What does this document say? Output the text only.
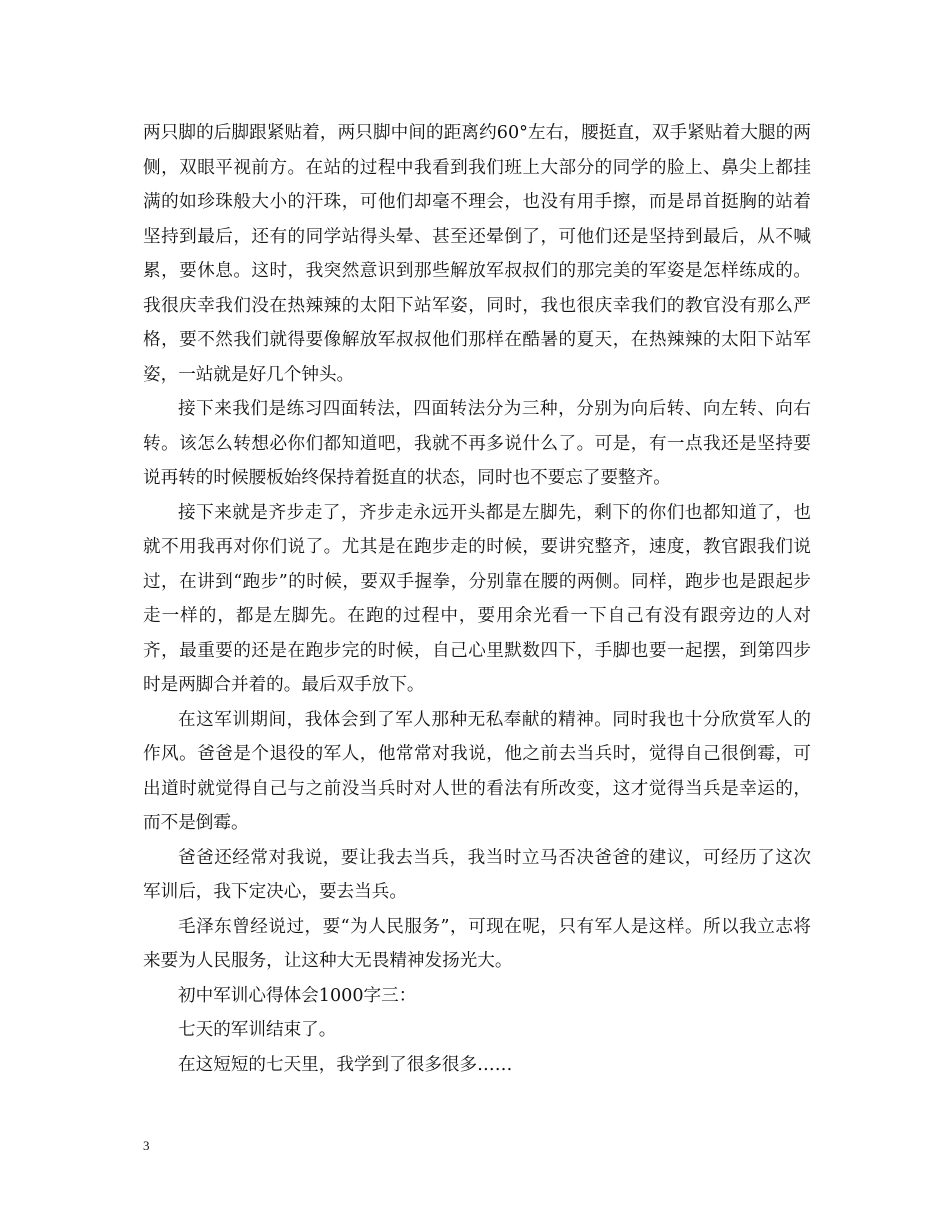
两只脚的后脚跟紧贴着，两只脚中间的距离约60°左右，腰挺直，双手紧贴着大腿的两侧，双眼平视前方。在站的过程中我看到我们班上大部分的同学的脸上、鼻尖上都挂满的如珍珠般大小的汗珠，可他们却毫不理会，也没有用手擦，而是昂首挺胸的站着坚持到最后，还有的同学站得头晕、甚至还晕倒了，可他们还是坚持到最后，从不喊累，要休息。这时，我突然意识到那些解放军叔叔们的那完美的军姿是怎样练成的。我很庆幸我们没在热辣辣的太阳下站军姿，同时，我也很庆幸我们的教官没有那么严格，要不然我们就得要像解放军叔叔他们那样在酷暑的夏天，在热辣辣的太阳下站军姿，一站就是好几个钟头。

接下来我们是练习四面转法，四面转法分为三种，分别为向后转、向左转、向右转。该怎么转想必你们都知道吧，我就不再多说什么了。可是，有一点我还是坚持要说再转的时候腰板始终保持着挺直的状态，同时也不要忘了要整齐。

接下来就是齐步走了，齐步走永远开头都是左脚先，剩下的你们也都知道了，也就不用我再对你们说了。尤其是在跑步走的时候，要讲究整齐，速度，教官跟我们说过，在讲到“跑步”的时候，要双手握拳，分别靠在腰的两侧。同样，跑步也是跟起步走一样的，都是左脚先。在跑的过程中，要用余光看一下自己有没有跟旁边的人对齐，最重要的还是在跑步完的时候，自己心里默数四下，手脚也要一起摆，到第四步时是两脚合并着的。最后双手放下。

在这军训期间，我体会到了军人那种无私奉献的精神。同时我也十分欣赏军人的作风。爸爸是个退役的军人，他常常对我说，他之前去当兵时，觉得自己很倒霉，可出道时就觉得自己与之前没当兵时对人世的看法有所改变，这才觉得当兵是幸运的，而不是倒霉。

爸爸还经常对我说，要让我去当兵，我当时立马否决爸爸的建议，可经历了这次军训后，我下定决心，要去当兵。

毛泽东曾经说过，要“为人民服务”，可现在呢，只有军人是这样。所以我立志将来要为人民服务，让这种大无畏精神发扬光大。

初中军训心得体会1000字三：

七天的军训结束了。

在这短短的七天里，我学到了很多很多……

3
